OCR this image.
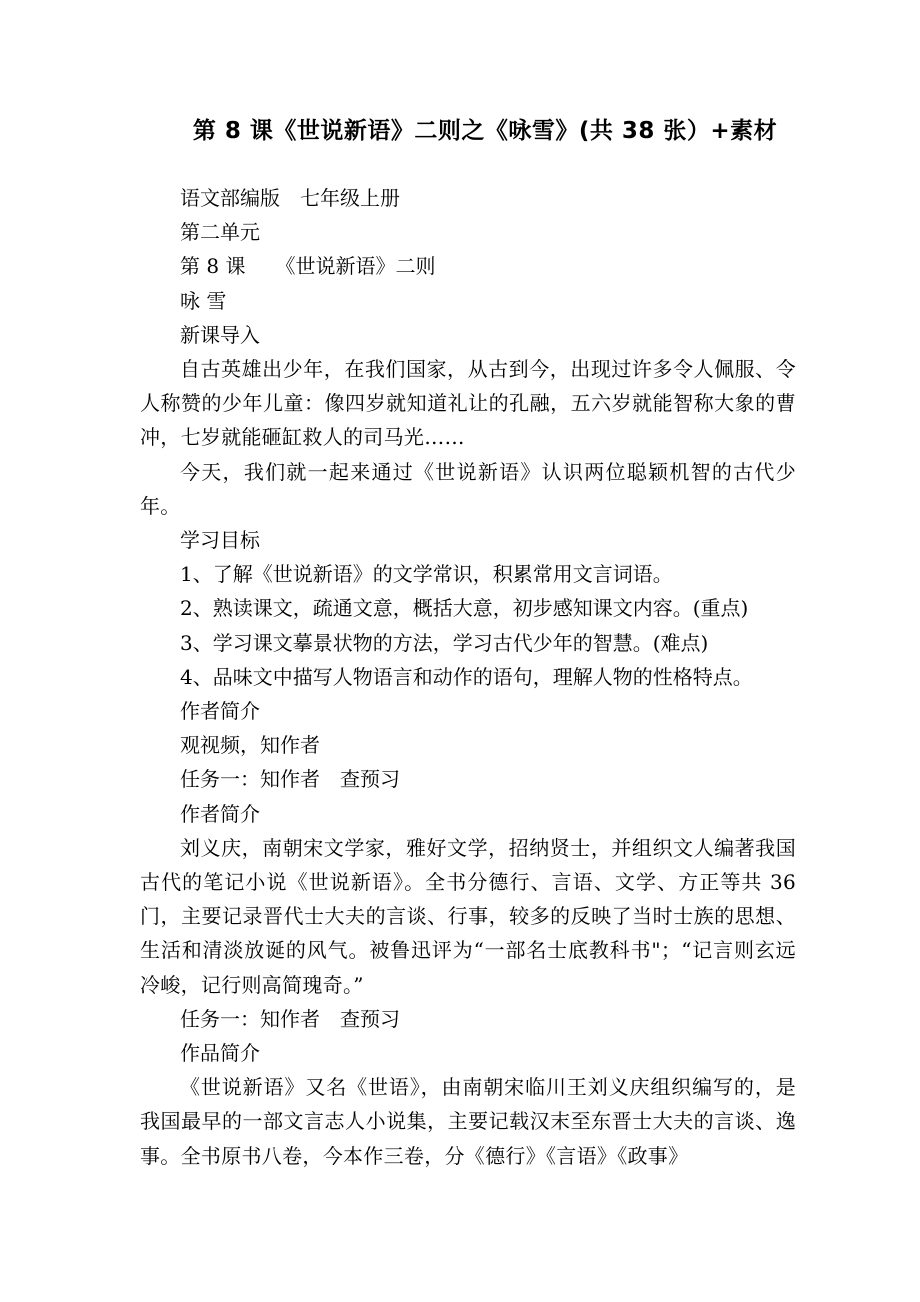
第 8 课《世说新语》二则之《咏雪》(共 38 张）+素材

语文部编版　七年级上册

第二单元

第 8 课　　《世说新语》二则

咏 雪

新课导入

自古英雄出少年，在我们国家，从古到今，出现过许多令人佩服、令人称赞的少年儿童：像四岁就知道礼让的孔融，五六岁就能智称大象的曹冲，七岁就能砸缸救人的司马光……

今天，我们就一起来通过《世说新语》认识两位聪颖机智的古代少年。

学习目标

1、了解《世说新语》的文学常识，积累常用文言词语。

2、熟读课文，疏通文意，概括大意，初步感知课文内容。(重点)

3、学习课文摹景状物的方法，学习古代少年的智慧。(难点)

4、品味文中描写人物语言和动作的语句，理解人物的性格特点。

作者简介

观视频，知作者

任务一：知作者　查预习

作者简介

刘义庆，南朝宋文学家，雅好文学，招纳贤士，并组织文人编著我国古代的笔记小说《世说新语》。全书分德行、言语、文学、方正等共 36 门，主要记录晋代士大夫的言谈、行事，较多的反映了当时士族的思想、生活和清淡放诞的风气。被鲁迅评为“一部名士底教科书"；“记言则玄远冷峻，记行则高简瑰奇。”

任务一：知作者　查预习

作品简介

《世说新语》又名《世语》，由南朝宋临川王刘义庆组织编写的，是我国最早的一部文言志人小说集，主要记载汉末至东晋士大夫的言谈、逸事。全书原书八卷，今本作三卷，分《德行》《言语》《政事》
